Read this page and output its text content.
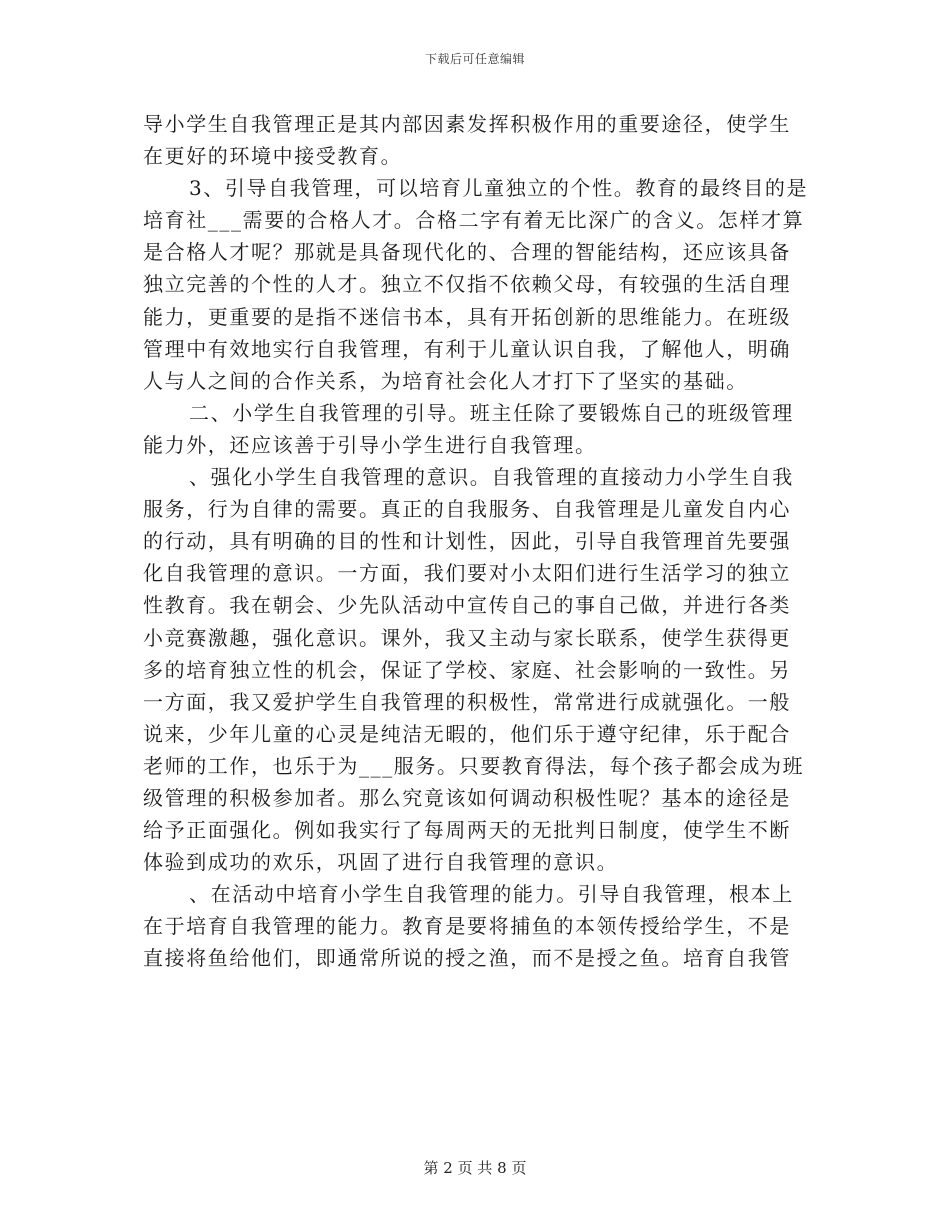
下载后可任意编辑
导小学生自我管理正是其内部因素发挥积极作用的重要途径，使学生
在更好的环境中接受教育。
3、引导自我管理，可以培育儿童独立的个性。教育的最终目的是
培育社___需要的合格人才。合格二字有着无比深广的含义。怎样才算
是合格人才呢？那就是具备现代化的、合理的智能结构，还应该具备
独立完善的个性的人才。独立不仅指不依赖父母，有较强的生活自理
能力，更重要的是指不迷信书本，具有开拓创新的思维能力。在班级
管理中有效地实行自我管理，有利于儿童认识自我，了解他人，明确
人与人之间的合作关系，为培育社会化人才打下了坚实的基础。
二、小学生自我管理的引导。班主任除了要锻炼自己的班级管理
能力外，还应该善于引导小学生进行自我管理。
、强化小学生自我管理的意识。自我管理的直接动力小学生自我
服务，行为自律的需要。真正的自我服务、自我管理是儿童发自内心
的行动，具有明确的目的性和计划性，因此，引导自我管理首先要强
化自我管理的意识。一方面，我们要对小太阳们进行生活学习的独立
性教育。我在朝会、少先队活动中宣传自己的事自己做，并进行各类
小竞赛激趣，强化意识。课外，我又主动与家长联系，使学生获得更
多的培育独立性的机会，保证了学校、家庭、社会影响的一致性。另
一方面，我又爱护学生自我管理的积极性，常常进行成就强化。一般
说来，少年儿童的心灵是纯洁无暇的，他们乐于遵守纪律，乐于配合
老师的工作，也乐于为___服务。只要教育得法，每个孩子都会成为班
级管理的积极参加者。那么究竟该如何调动积极性呢？基本的途径是
给予正面强化。例如我实行了每周两天的无批判日制度，使学生不断
体验到成功的欢乐，巩固了进行自我管理的意识。
、在活动中培育小学生自我管理的能力。引导自我管理，根本上
在于培育自我管理的能力。教育是要将捕鱼的本领传授给学生，不是
直接将鱼给他们，即通常所说的授之渔，而不是授之鱼。培育自我管
第 2 页 共 8 页
